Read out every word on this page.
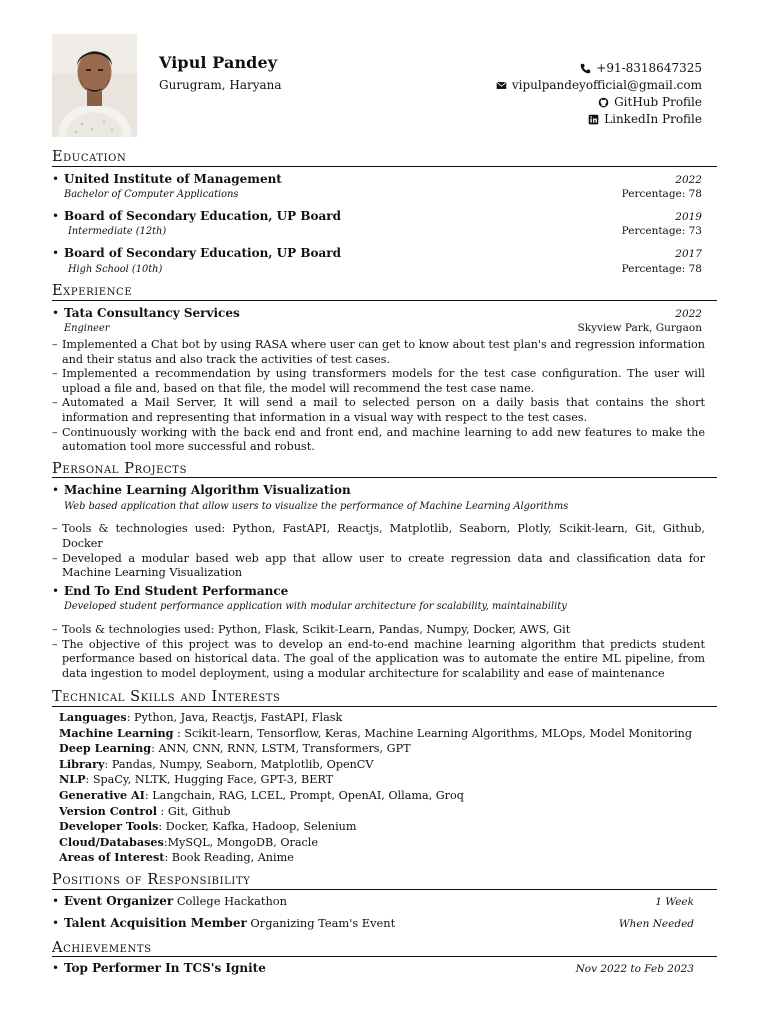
Vipul Pandey
Gurugram, Haryana
+91-8318647325
vipulpandeyofficial@gmail.com
GitHub Profile
LinkedIn Profile
Education
• United Institute of Management	2022
Bachelor of Computer Applications	Percentage: 78
• Board of Secondary Education, UP Board	2019
Intermediate (12th)	Percentage: 73
• Board of Secondary Education, UP Board	2017
High School (10th)	Percentage: 78
Experience
• Tata Consultancy Services	2022
Engineer	Skyview Park, Gurgaon
– Implemented a Chat bot by using RASA where user can get to know about test plan's and regression information and their status and also track the activities of test cases.
– Implemented a recommendation by using transformers models for the test case configuration. The user will upload a file and, based on that file, the model will recommend the test case name.
– Automated a Mail Server, It will send a mail to selected person on a daily basis that contains the short information and representing that information in a visual way with respect to the test cases.
– Continuously working with the back end and front end, and machine learning to add new features to make the automation tool more successful and robust.
Personal Projects
• Machine Learning Algorithm Visualization
Web based application that allow users to visualize the performance of Machine Learning Algorithms
– Tools & technologies used: Python, FastAPI, Reactjs, Matplotlib, Seaborn, Plotly, Scikit-learn, Git, Github, Docker
– Developed a modular based web app that allow user to create regression data and classification data for Machine Learning Visualization
• End To End Student Performance
Developed student performance application with modular architecture for scalability, maintainability
– Tools & technologies used: Python, Flask, Scikit-Learn, Pandas, Numpy, Docker, AWS, Git
– The objective of this project was to develop an end-to-end machine learning algorithm that predicts student performance based on historical data. The goal of the application was to automate the entire ML pipeline, from data ingestion to model deployment, using a modular architecture for scalability and ease of maintenance
Technical Skills and Interests
Languages: Python, Java, Reactjs, FastAPI, Flask
Machine Learning : Scikit-learn, Tensorflow, Keras, Machine Learning Algorithms, MLOps, Model Monitoring
Deep Learning: ANN, CNN, RNN, LSTM, Transformers, GPT
Library: Pandas, Numpy, Seaborn, Matplotlib, OpenCV
NLP: SpaCy, NLTK, Hugging Face, GPT-3, BERT
Generative AI: Langchain, RAG, LCEL, Prompt, OpenAI, Ollama, Groq
Version Control : Git, Github
Developer Tools: Docker, Kafka, Hadoop, Selenium
Cloud/Databases:MySQL, MongoDB, Oracle
Areas of Interest: Book Reading, Anime
Positions of Responsibility
• Event Organizer College Hackathon	1 Week
• Talent Acquisition Member Organizing Team's Event	When Needed
Achievements
• Top Performer In TCS's Ignite	Nov 2022 to Feb 2023
